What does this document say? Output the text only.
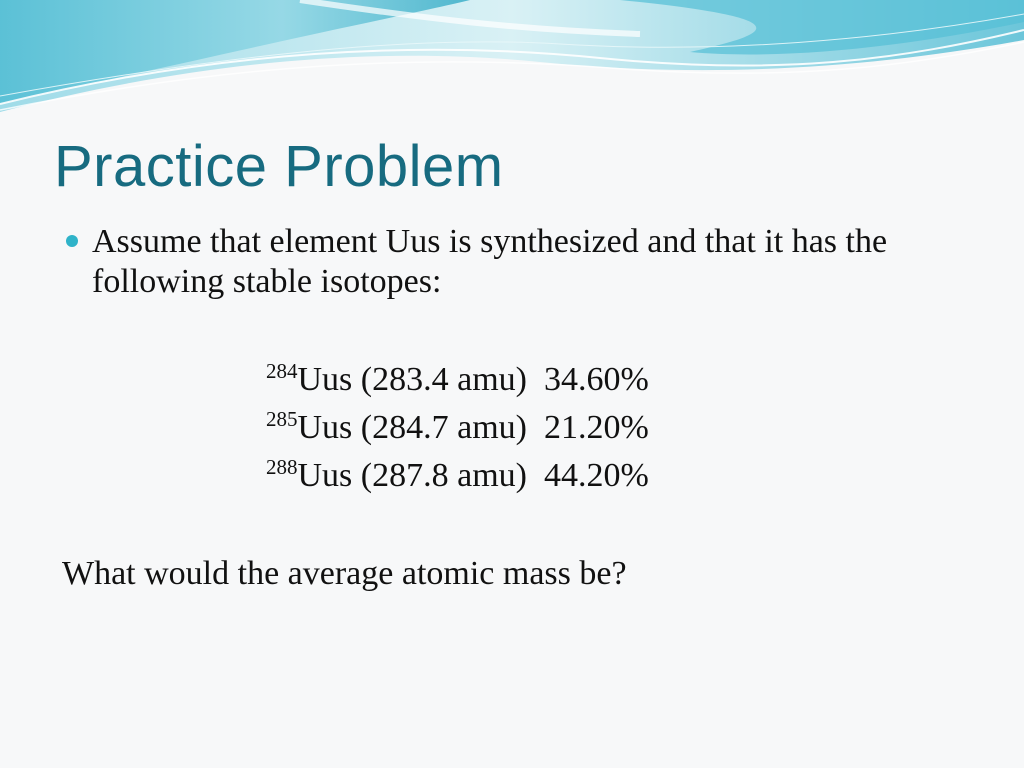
Practice Problem
Assume that element Uus is synthesized and that it has the following stable isotopes:
$^{284}$Uus (283.4 amu)  34.60%
$^{285}$Uus (284.7 amu)  21.20%
$^{288}$Uus (287.8 amu)  44.20%
What would the average atomic mass be?
